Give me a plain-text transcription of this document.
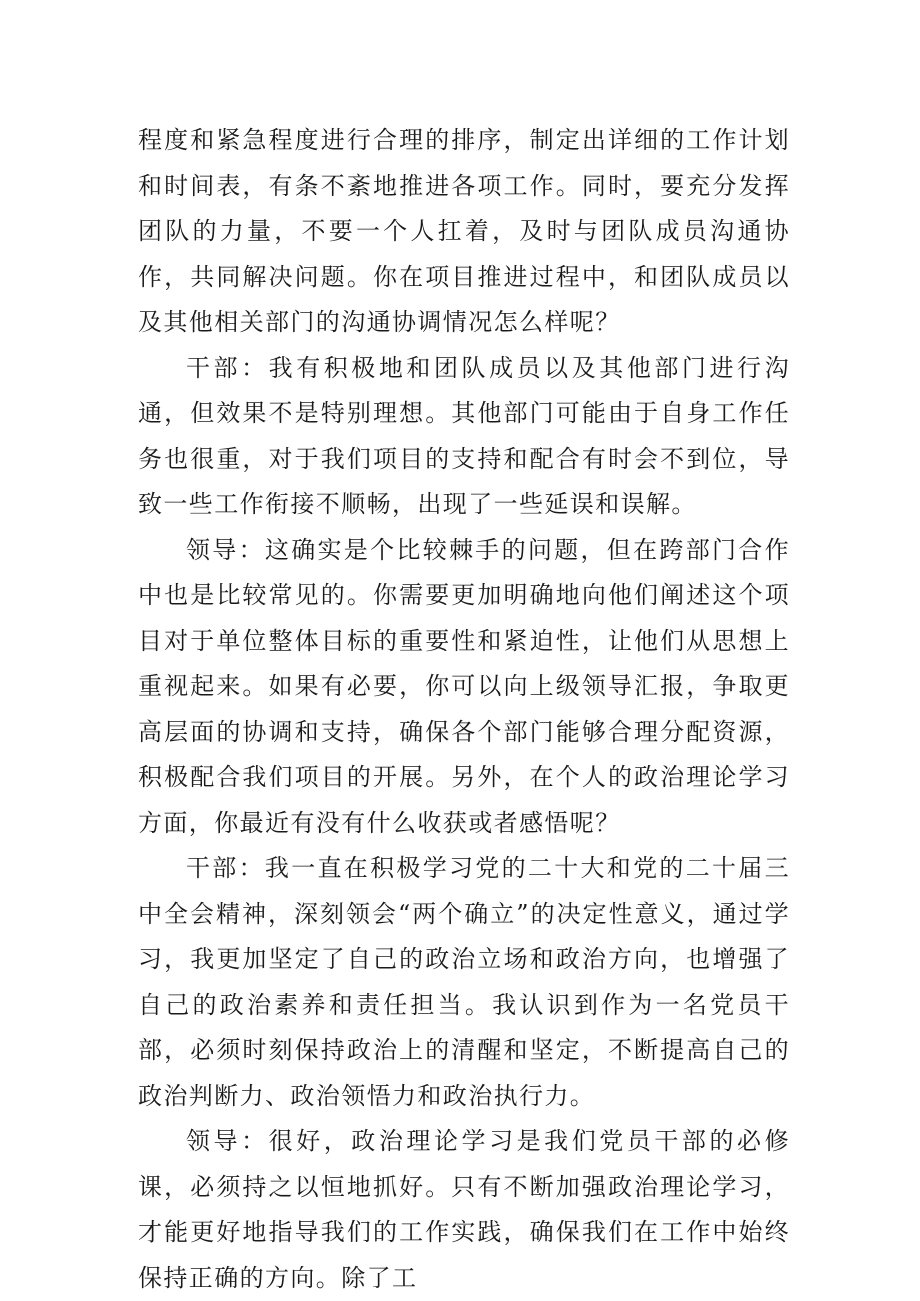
程度和紧急程度进行合理的排序，制定出详细的工作计划和时间表，有条不紊地推进各项工作。同时，要充分发挥团队的力量，不要一个人扛着，及时与团队成员沟通协作，共同解决问题。你在项目推进过程中，和团队成员以及其他相关部门的沟通协调情况怎么样呢？

干部：我有积极地和团队成员以及其他部门进行沟通，但效果不是特别理想。其他部门可能由于自身工作任务也很重，对于我们项目的支持和配合有时会不到位，导致一些工作衔接不顺畅，出现了一些延误和误解。

领导：这确实是个比较棘手的问题，但在跨部门合作中也是比较常见的。你需要更加明确地向他们阐述这个项目对于单位整体目标的重要性和紧迫性，让他们从思想上重视起来。如果有必要，你可以向上级领导汇报，争取更高层面的协调和支持，确保各个部门能够合理分配资源，积极配合我们项目的开展。另外，在个人的政治理论学习方面，你最近有没有什么收获或者感悟呢？

干部：我一直在积极学习党的二十大和党的二十届三中全会精神，深刻领会“两个确立”的决定性意义，通过学习，我更加坚定了自己的政治立场和政治方向，也增强了自己的政治素养和责任担当。我认识到作为一名党员干部，必须时刻保持政治上的清醒和坚定，不断提高自己的政治判断力、政治领悟力和政治执行力。

领导：很好，政治理论学习是我们党员干部的必修课，必须持之以恒地抓好。只有不断加强政治理论学习，才能更好地指导我们的工作实践，确保我们在工作中始终保持正确的方向。除了工
